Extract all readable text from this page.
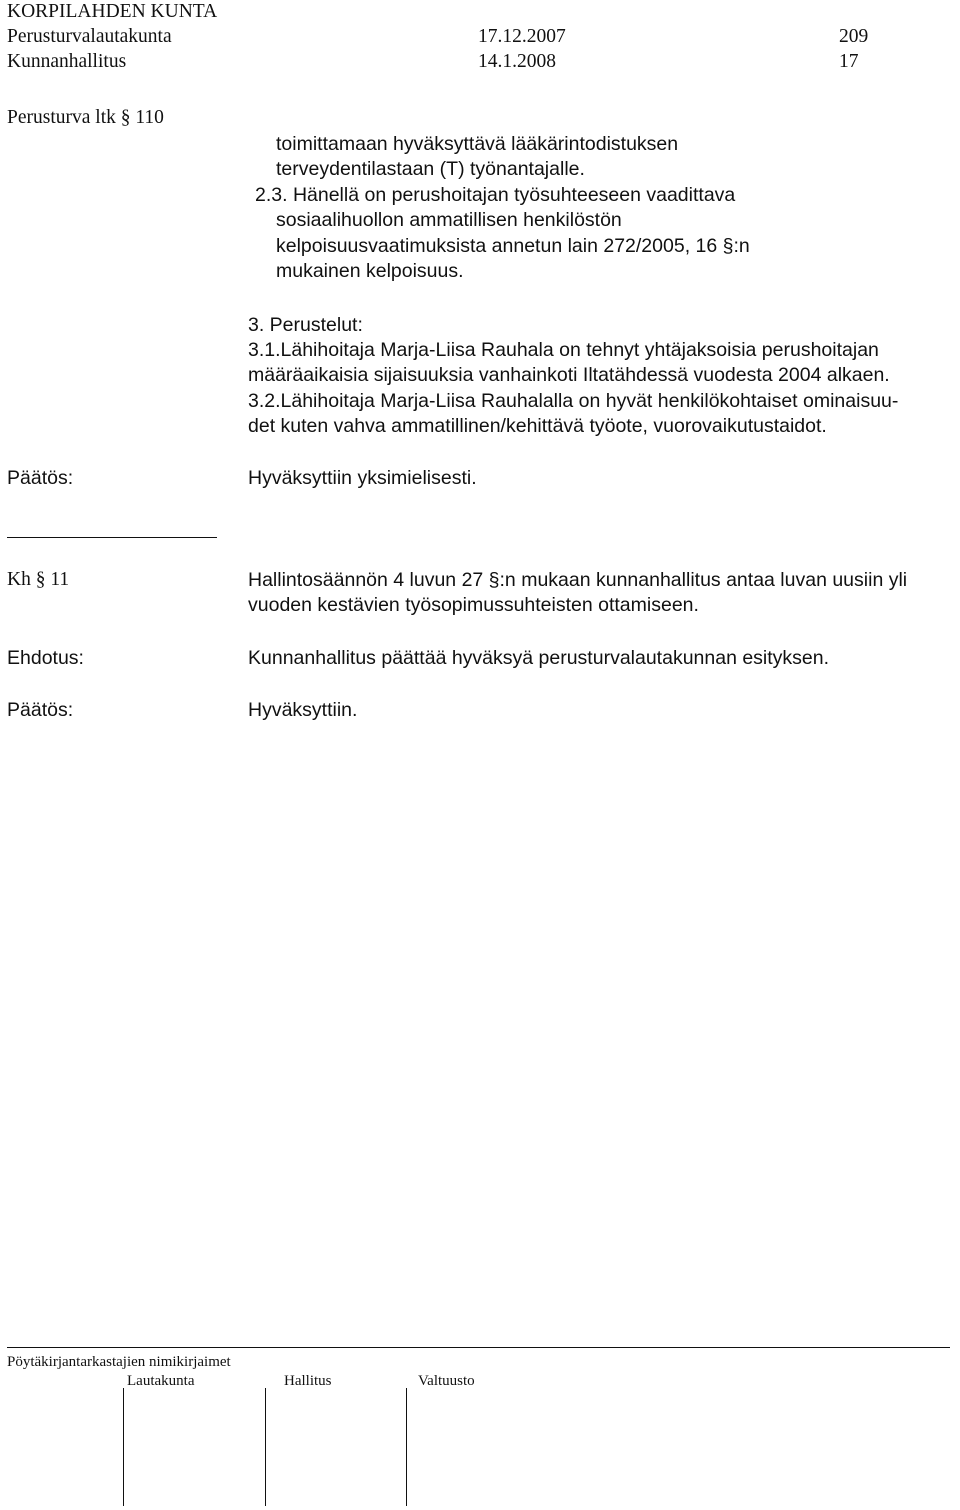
KORPILAHDEN KUNTA
Perusturvalautakunta	17.12.2007	209
Kunnanhallitus	14.1.2008	17
Perusturva ltk § 110
toimittamaan hyväksyttävä lääkärintodistuksen
terveydentilastaan (T) työnantajalle.
2.3. Hänellä on perushoitajan työsuhteeseen vaadittava
sosiaalihuollon ammatillisen henkilöstön
kelpoisuusvaatimuksista annetun lain 272/2005, 16 §:n
mukainen kelpoisuus.
3. Perustelut:
3.1.Lähihoitaja Marja-Liisa Rauhala on tehnyt yhtäjaksoisia perushoitajan
määräaikaisia sijaisuuksia vanhainkoti Iltatähdessä vuodesta 2004 alkaen.
3.2.Lähihoitaja Marja-Liisa Rauhalalla on hyvät henkilökohtaiset ominaisuu-
det kuten vahva ammatillinen/kehittävä työote, vuorovaikutustaidot.
Päätös:	Hyväksyttiin yksimielisesti.
Kh § 11	Hallintosäännön 4 luvun 27 §:n mukaan kunnanhallitus antaa luvan uusiin yli
vuoden kestävien työsopimussuhteisten ottamiseen.
Ehdotus:	Kunnanhallitus päättää hyväksyä perusturvalautakunnan esityksen.
Päätös:	Hyväksyttiin.
Pöytäkirjantarkastajien nimikirjaimet
Lautakunta	Hallitus	Valtuusto
